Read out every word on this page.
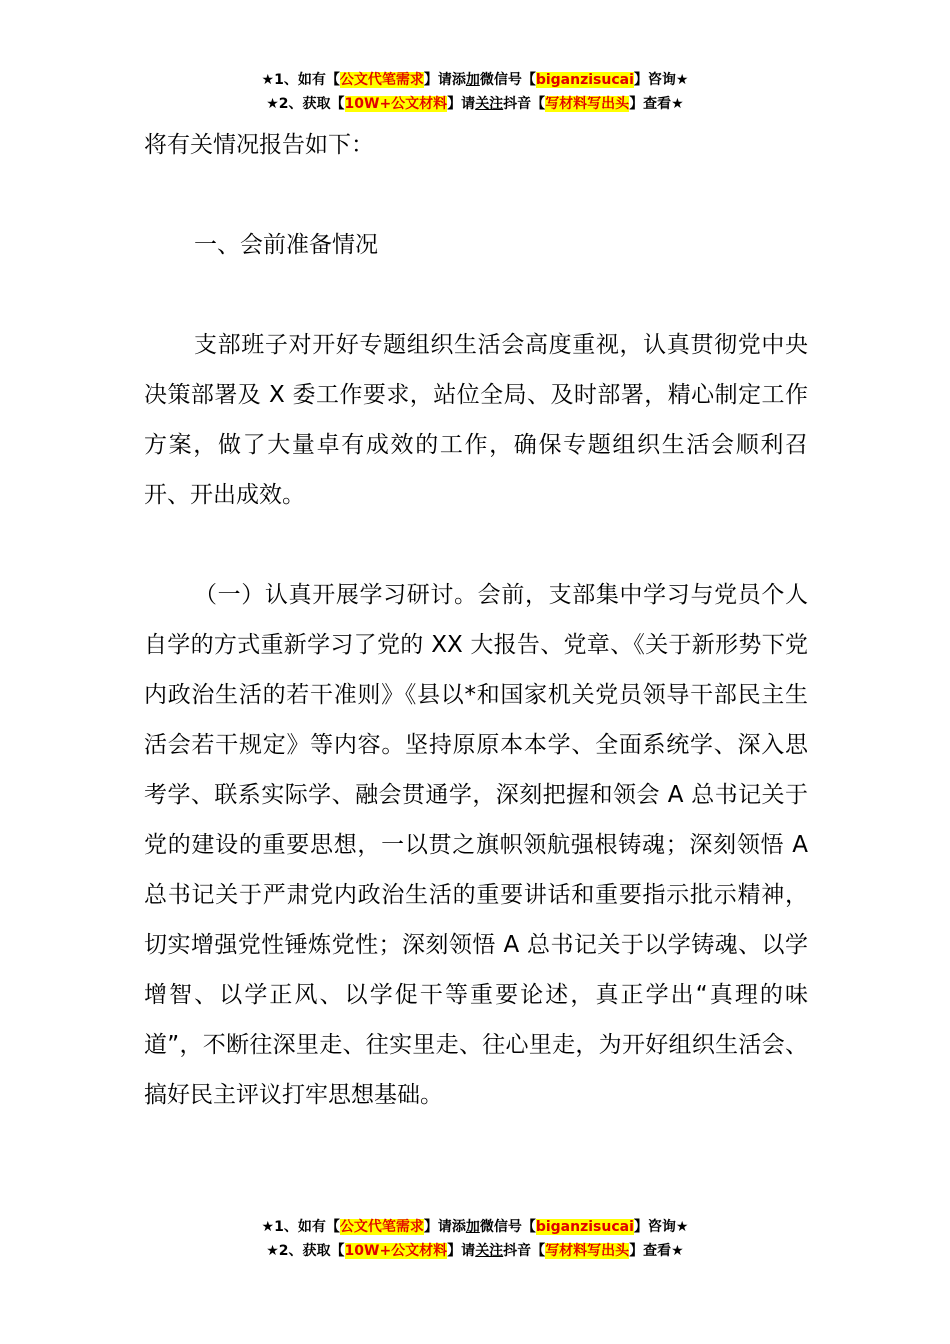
★1、如有【公文代笔需求】请添加微信号【biganzisucai】咨询★
★2、获取【10W+公文材料】请关注抖音【写材料写出头】查看★

将有关情况报告如下：

一、会前准备情况

支部班子对开好专题组织生活会高度重视，认真贯彻党中央决策部署及 X 委工作要求，站位全局、及时部署，精心制定工作方案，做了大量卓有成效的工作，确保专题组织生活会顺利召开、开出成效。

（一）认真开展学习研讨。会前，支部集中学习与党员个人自学的方式重新学习了党的 XX 大报告、党章、《关于新形势下党内政治生活的若干准则》《县以*和国家机关党员领导干部民主生活会若干规定》等内容。坚持原原本本学、全面系统学、深入思考学、联系实际学、融会贯通学，深刻把握和领会 A 总书记关于党的建设的重要思想，一以贯之旗帜领航强根铸魂；深刻领悟 A 总书记关于严肃党内政治生活的重要讲话和重要指示批示精神，切实增强党性锤炼党性；深刻领悟 A 总书记关于以学铸魂、以学增智、以学正风、以学促干等重要论述，真正学出“真理的味道”，不断往深里走、往实里走、往心里走，为开好组织生活会、搞好民主评议打牢思想基础。

★1、如有【公文代笔需求】请添加微信号【biganzisucai】咨询★
★2、获取【10W+公文材料】请关注抖音【写材料写出头】查看★
